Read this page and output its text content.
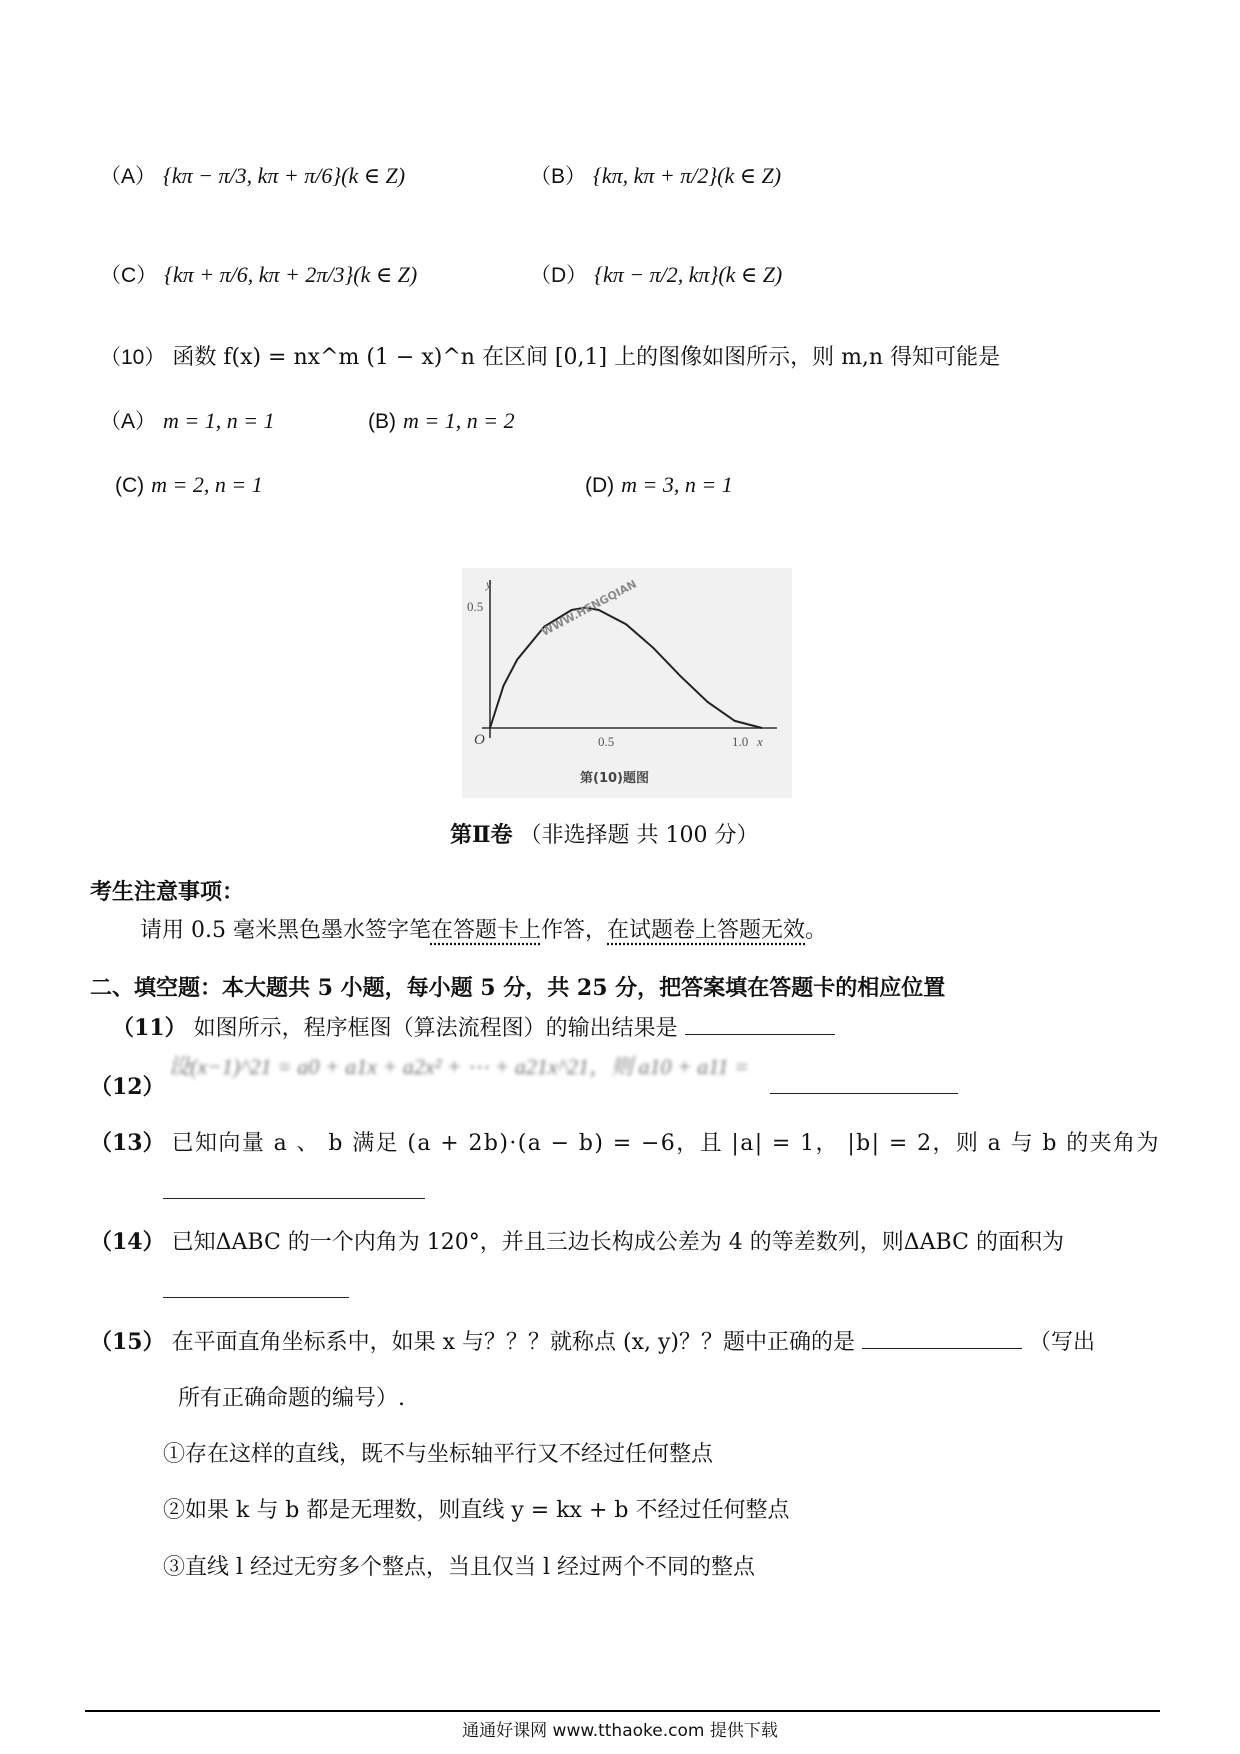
（A） {kπ − π/3, kπ + π/6}(k ∈ Z)	（B） {kπ, kπ + π/2}(k ∈ Z)
（C） {kπ + π/6, kπ + 2π/3}(k ∈ Z)	（D） {kπ − π/2, kπ}(k ∈ Z)
（10） 函数 f(x) = nx^m (1 − x)^n 在区间 [0,1] 上的图像如图所示，则 m,n 得知可能是
（A） m = 1, n = 1	(B) m = 1, n = 2
(C) m = 2, n = 1	(D) m = 3, n = 1
y
0.5
O	0.5	1.0 x
WWW.HENGQIAN
第(10)题图
第Ⅱ卷 （非选择题 共 100 分）
考生注意事项：
请用 0.5 毫米黑色墨水签字笔在答题卡上作答，在试题卷上答题无效。
二、填空题：本大题共 5 小题，每小题 5 分，共 25 分，把答案填在答题卡的相应位置
（11） 如图所示，程序框图（算法流程图）的输出结果是
（12）
设(x−1)^21 = a0 + a1x + a2x² + ⋯ + a21x^21，则 a10 + a11 =
（13） 已知向量 a 、 b 满足 (a + 2b)·(a − b) = −6，且 |a| = 1， |b| = 2，则 a 与 b 的夹角为
（14） 已知ΔABC 的一个内角为 120°，并且三边长构成公差为 4 的等差数列，则ΔABC 的面积为
（15） 在平面直角坐标系中，如果 x 与？？？就称点 (x, y)？？题中正确的是	（写出
所有正确命题的编号）.
①存在这样的直线，既不与坐标轴平行又不经过任何整点
②如果 k 与 b 都是无理数，则直线 y = kx + b 不经过任何整点
③直线 l 经过无穷多个整点，当且仅当 l 经过两个不同的整点
通通好课网 www.tthaoke.com 提供下载
